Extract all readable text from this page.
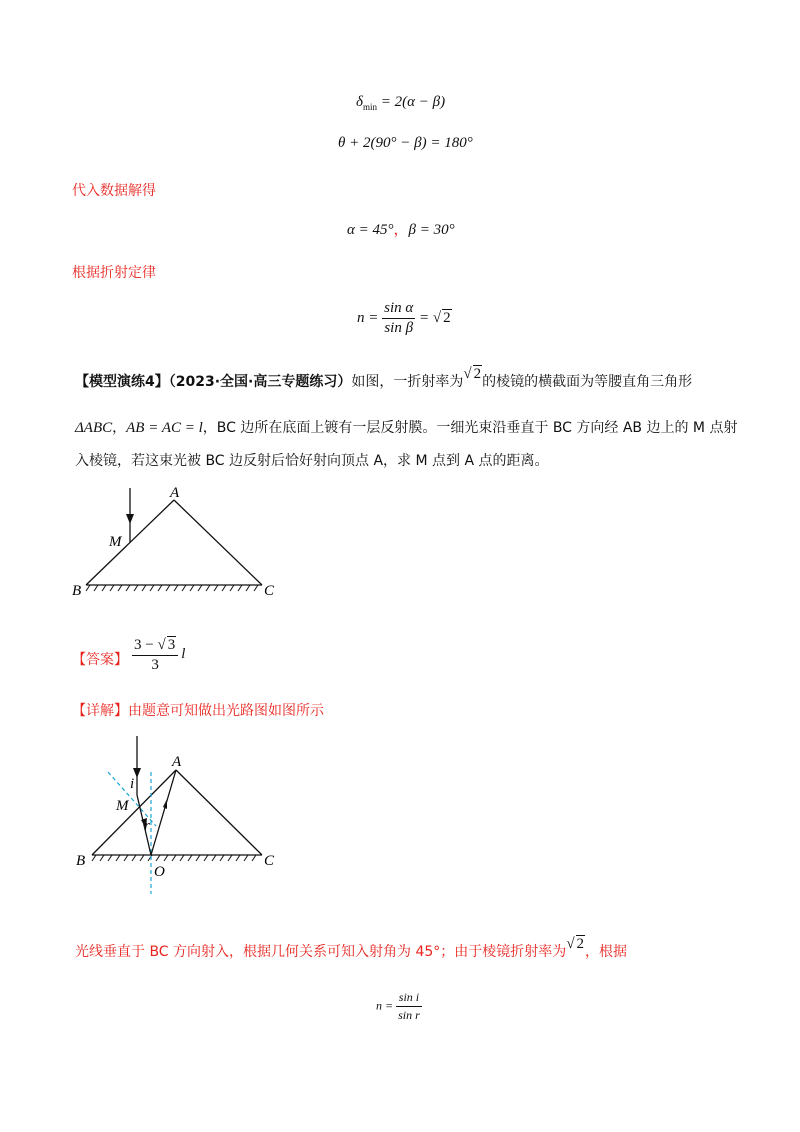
$\delta_{min} = 2(\alpha - \beta)$
θ + 2(90° − β) = 180°
代入数据解得
α = 45°，β = 30°
根据折射定律
$n = \frac{\text{sin α}}{\text{sin β}}$ = √ 2
【模型演练4】（2023·全国·高三专题练习）如图，一折射率为√ 2的棱镜的横截面为等腰直角三角形
ΔABC，AB = AC = l，BC 边所在底面上镀有一层反射膜。一细光束沿垂直于 BC 方向经 AB 边上的 M 点射
入棱镜，若这束光被 BC 边反射后恰好射向顶点 A，求 M 点到 A 点的距离。
A
M
B	C
【答案】 $\frac{3 - √ 3}{3}$ l
【详解】由题意可知做出光路图如图所示
A
M
i
r
B
O
C
光线垂直于 BC 方向射入，根据几何关系可知入射角为 45°；由于棱镜折射率为√ 2，根据
$n = \frac{\text{sin i}}{\text{sin r}}$
